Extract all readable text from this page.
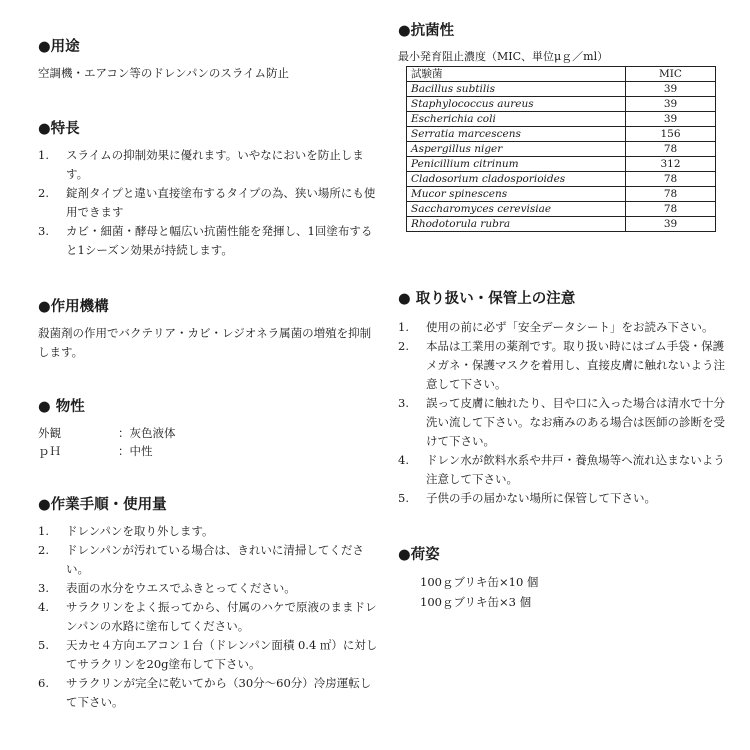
●用途

空調機・エアコン等のドレンパンのスライム防止

●特長
1. スライムの抑制効果に優れます。いやなにおいを防止します。
2. 錠剤タイプと違い直接塗布するタイプの為、狭い場所にも使用できます
3. カビ・細菌・酵母と幅広い抗菌性能を発揮し、1回塗布すると1シーズン効果が持続します。
●作用機構

殺菌剤の作用でバクテリア・カビ・レジオネラ属菌の増殖を抑制します。

● 物性
外観	：灰色液体
ｐＨ	：中性
●作業手順・使用量
1. ドレンパンを取り外します。
2. ドレンパンが汚れている場合は、きれいに清掃してください。
3. 表面の水分をウエスでふきとってください。
4. サラクリンをよく振ってから、付属のハケで原液のままドレンパンの水路に塗布してください。
5. 天カセ４方向エアコン１台（ドレンパン面積 0.4 ㎡）に対してサラクリンを20g塗布して下さい。
6. サラクリンが完全に乾いてから（30分～60分）冷房運転して下さい。
●抗菌性

最小発育阻止濃度（MIC、単位μｇ／ml）

試験菌	MIC
Bacillus subtilis	39
Staphylococcus aureus	39
Escherichia coli	39
Serratia marcescens	156
Aspergillus niger	78
Penicillium citrinum	312
Cladosorium cladosporioides	78
Mucor spinescens	78
Saccharomyces cerevisiae	78
Rhodotorula rubra	39
● 取り扱い・保管上の注意
1. 使用の前に必ず「安全データシート」をお読み下さい。
2. 本品は工業用の薬剤です。取り扱い時にはゴム手袋・保護メガネ・保護マスクを着用し、直接皮膚に触れないよう注意して下さい。
3. 誤って皮膚に触れたり、目や口に入った場合は清水で十分洗い流して下さい。なお痛みのある場合は医師の診断を受けて下さい。
4. ドレン水が飲料水系や井戸・養魚場等へ流れ込まないよう注意して下さい。
5. 子供の手の届かない場所に保管して下さい。
●荷姿
100ｇブリキ缶×10 個
100ｇブリキ缶×3 個
